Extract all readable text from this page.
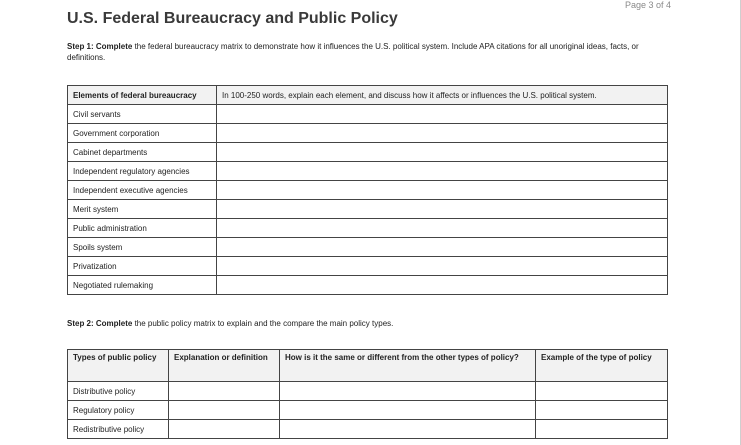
Page 3 of 4
U.S. Federal Bureaucracy and Public Policy
Step 1: Complete the federal bureaucracy matrix to demonstrate how it influences the U.S. political system. Include APA citations for all unoriginal ideas, facts, or definitions.
Elements of federal bureaucracy	In 100-250 words, explain each element, and discuss how it affects or influences the U.S. political system.
Civil servants	
Government corporation	
Cabinet departments	
Independent regulatory agencies	
Independent executive agencies	
Merit system	
Public administration	
Spoils system	
Privatization	
Negotiated rulemaking	
Step 2: Complete the public policy matrix to explain and the compare the main policy types.
Types of public policy	Explanation or definition	How is it the same or different from the other types of policy?	Example of the type of policy
Distributive policy			
Regulatory policy			
Redistributive policy			
